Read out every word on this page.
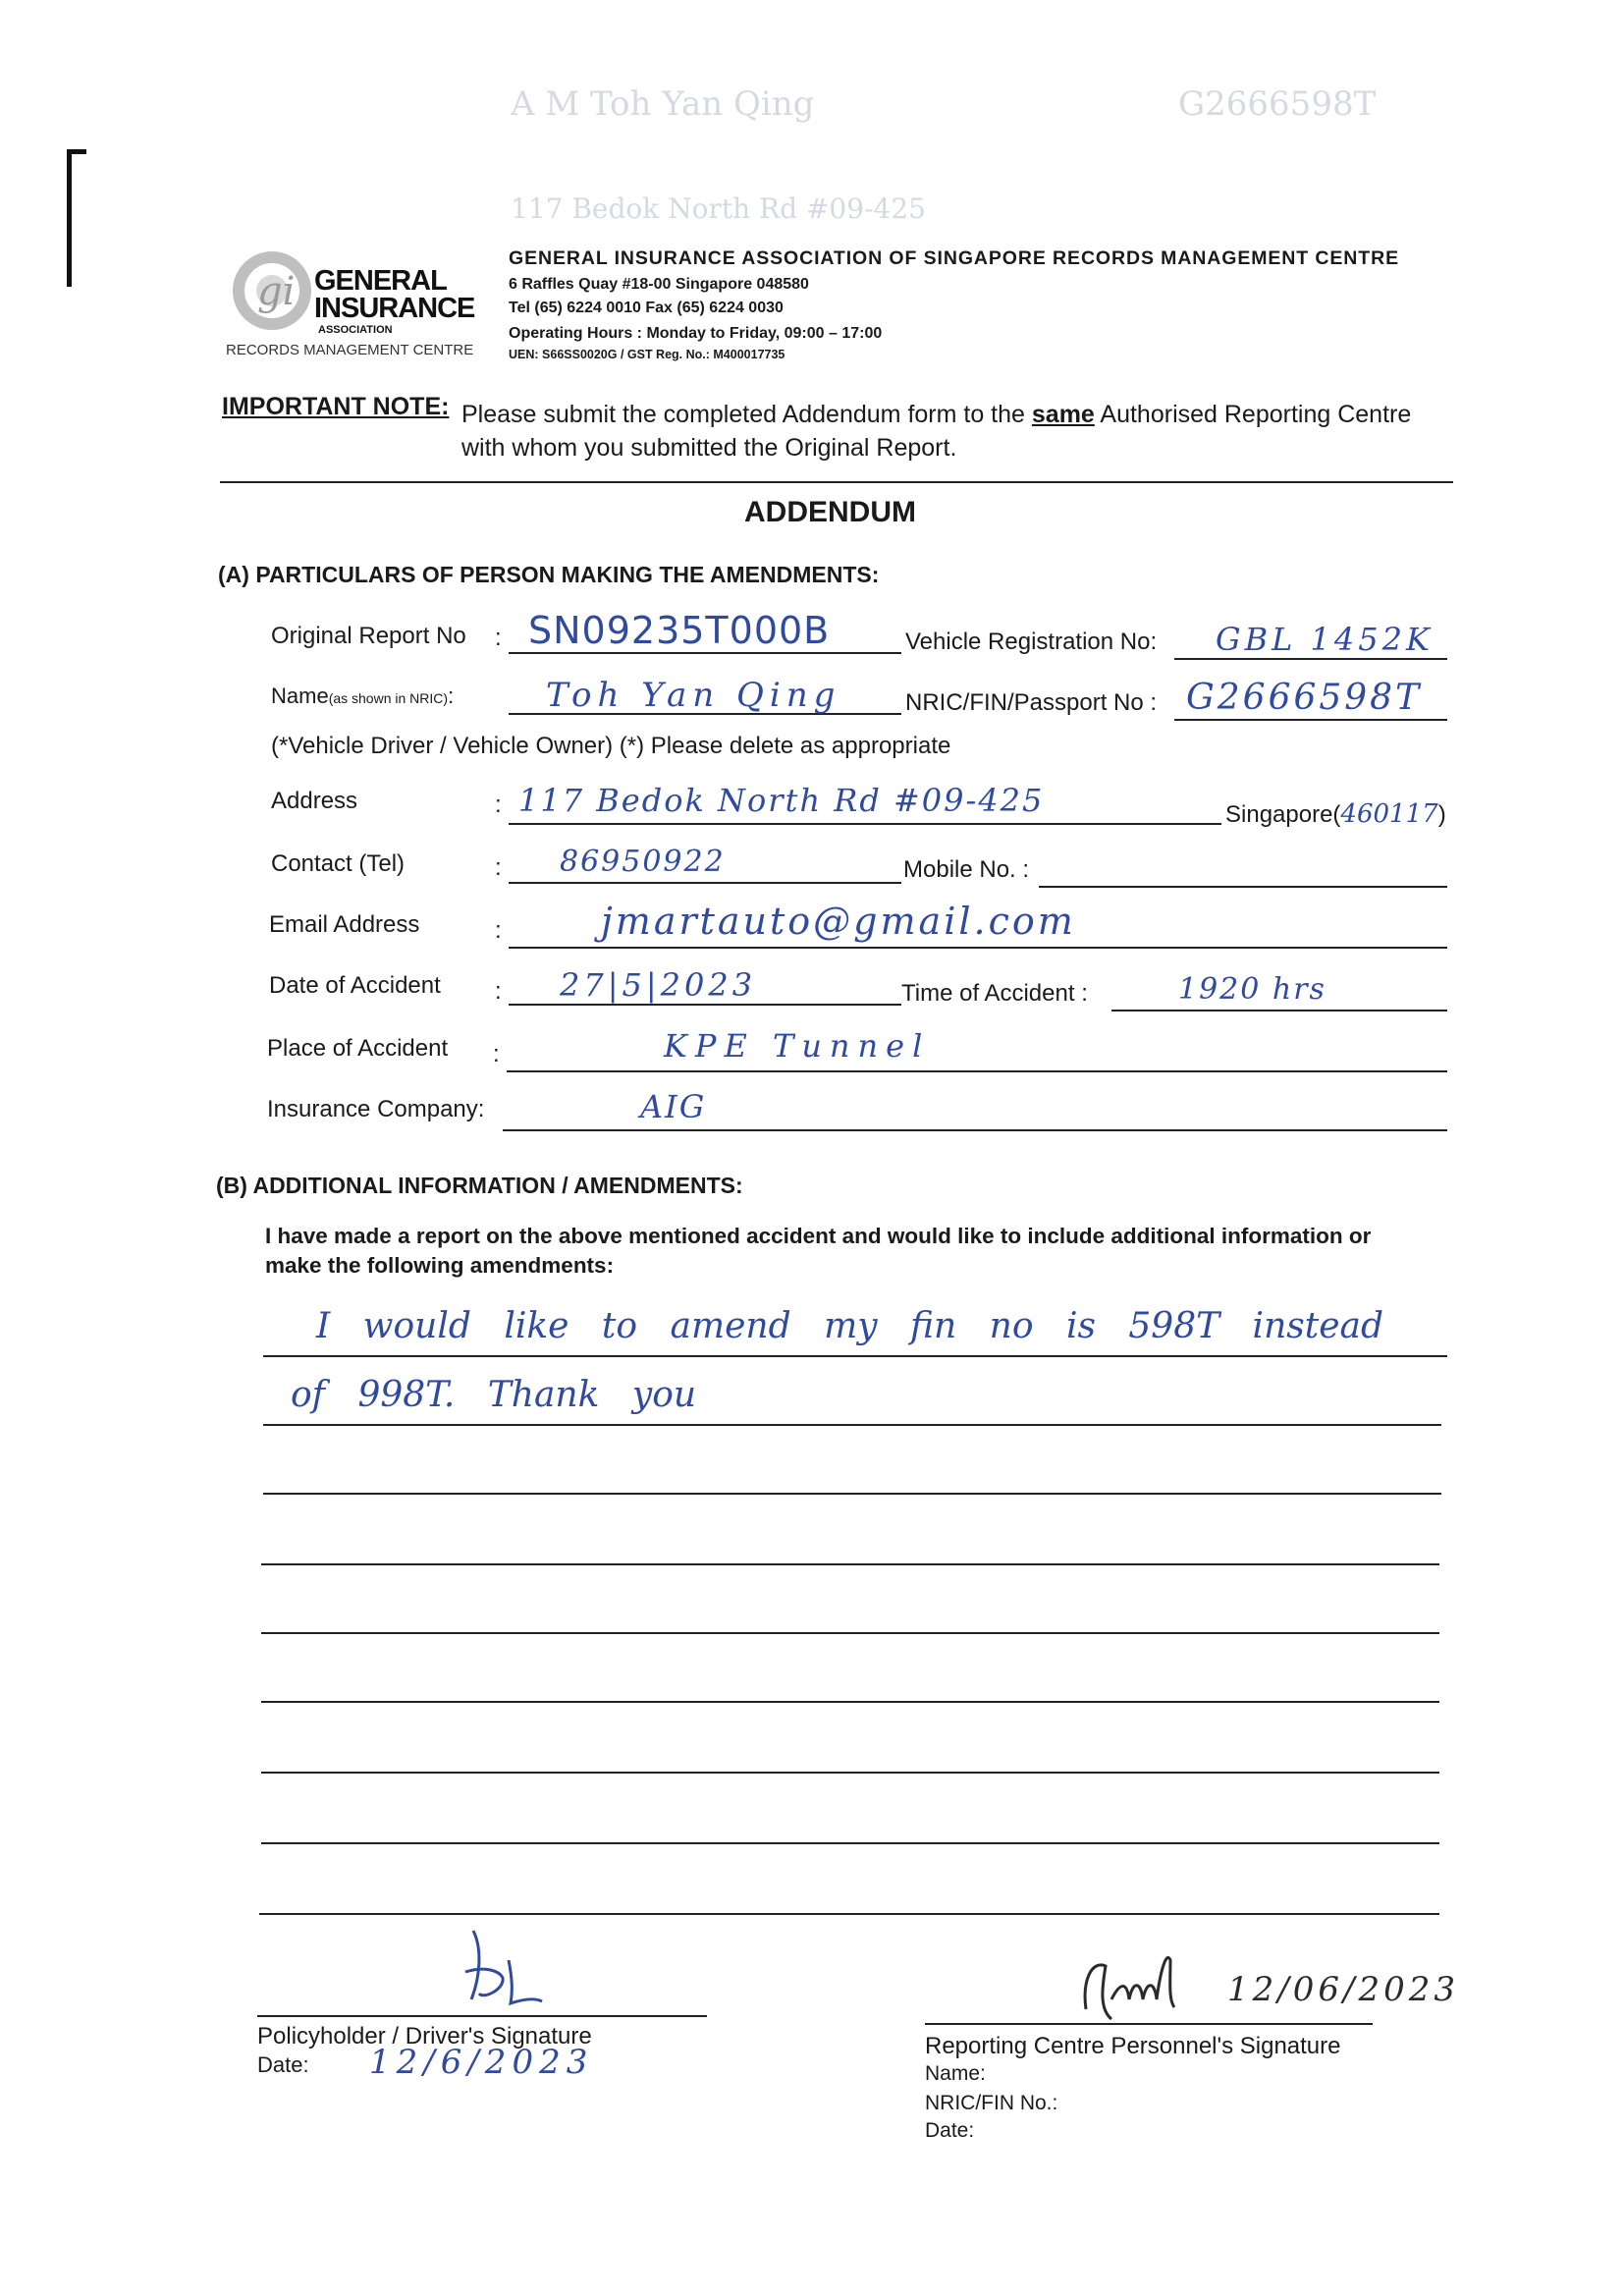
A M Toh Yan Qing	G2666598T
117 Bedok North Rd #09-425
gi GENERAL
INSURANCE
ASSOCIATION
RECORDS MANAGEMENT CENTRE
GENERAL INSURANCE ASSOCIATION OF SINGAPORE RECORDS MANAGEMENT CENTRE
6 Raffles Quay #18-00 Singapore 048580
Tel (65) 6224 0010 Fax (65) 6224 0030
Operating Hours : Monday to Friday, 09:00 – 17:00
UEN: S66SS0020G / GST Reg. No.: M400017735
IMPORTANT NOTE: Please submit the completed Addendum form to the same Authorised Reporting Centre
with whom you submitted the Original Report.
ADDENDUM
(A) PARTICULARS OF PERSON MAKING THE AMENDMENTS:
Original Report No : SN09235T000B	Vehicle Registration No: GBL 1452K
Name(as shown in NRIC):	Toh Yan Qing	NRIC/FIN/Passport No : G2666598T
(*Vehicle Driver / Vehicle Owner) (*) Please delete as appropriate
Address	: 117 Bedok North Rd #09-425	Singapore(460117)
Contact (Tel)	: 86950922	Mobile No. :
Email Address	:	jmartauto@gmail.com
Date of Accident : 27|5|2023	Time of Accident :	1920 hrs
Place of Accident :	KPE Tunnel
Insurance Company:	AIG
(B) ADDITIONAL INFORMATION / AMENDMENTS:
I have made a report on the above mentioned accident and would like to include additional information or
make the following amendments:
I would like to amend my fin no is 598T instead
of 998T. Thank you
Policyholder / Driver's Signature
Date: 12/6/2023
12/06/2023
Reporting Centre Personnel's Signature
Name:
NRIC/FIN No.:
Date:
